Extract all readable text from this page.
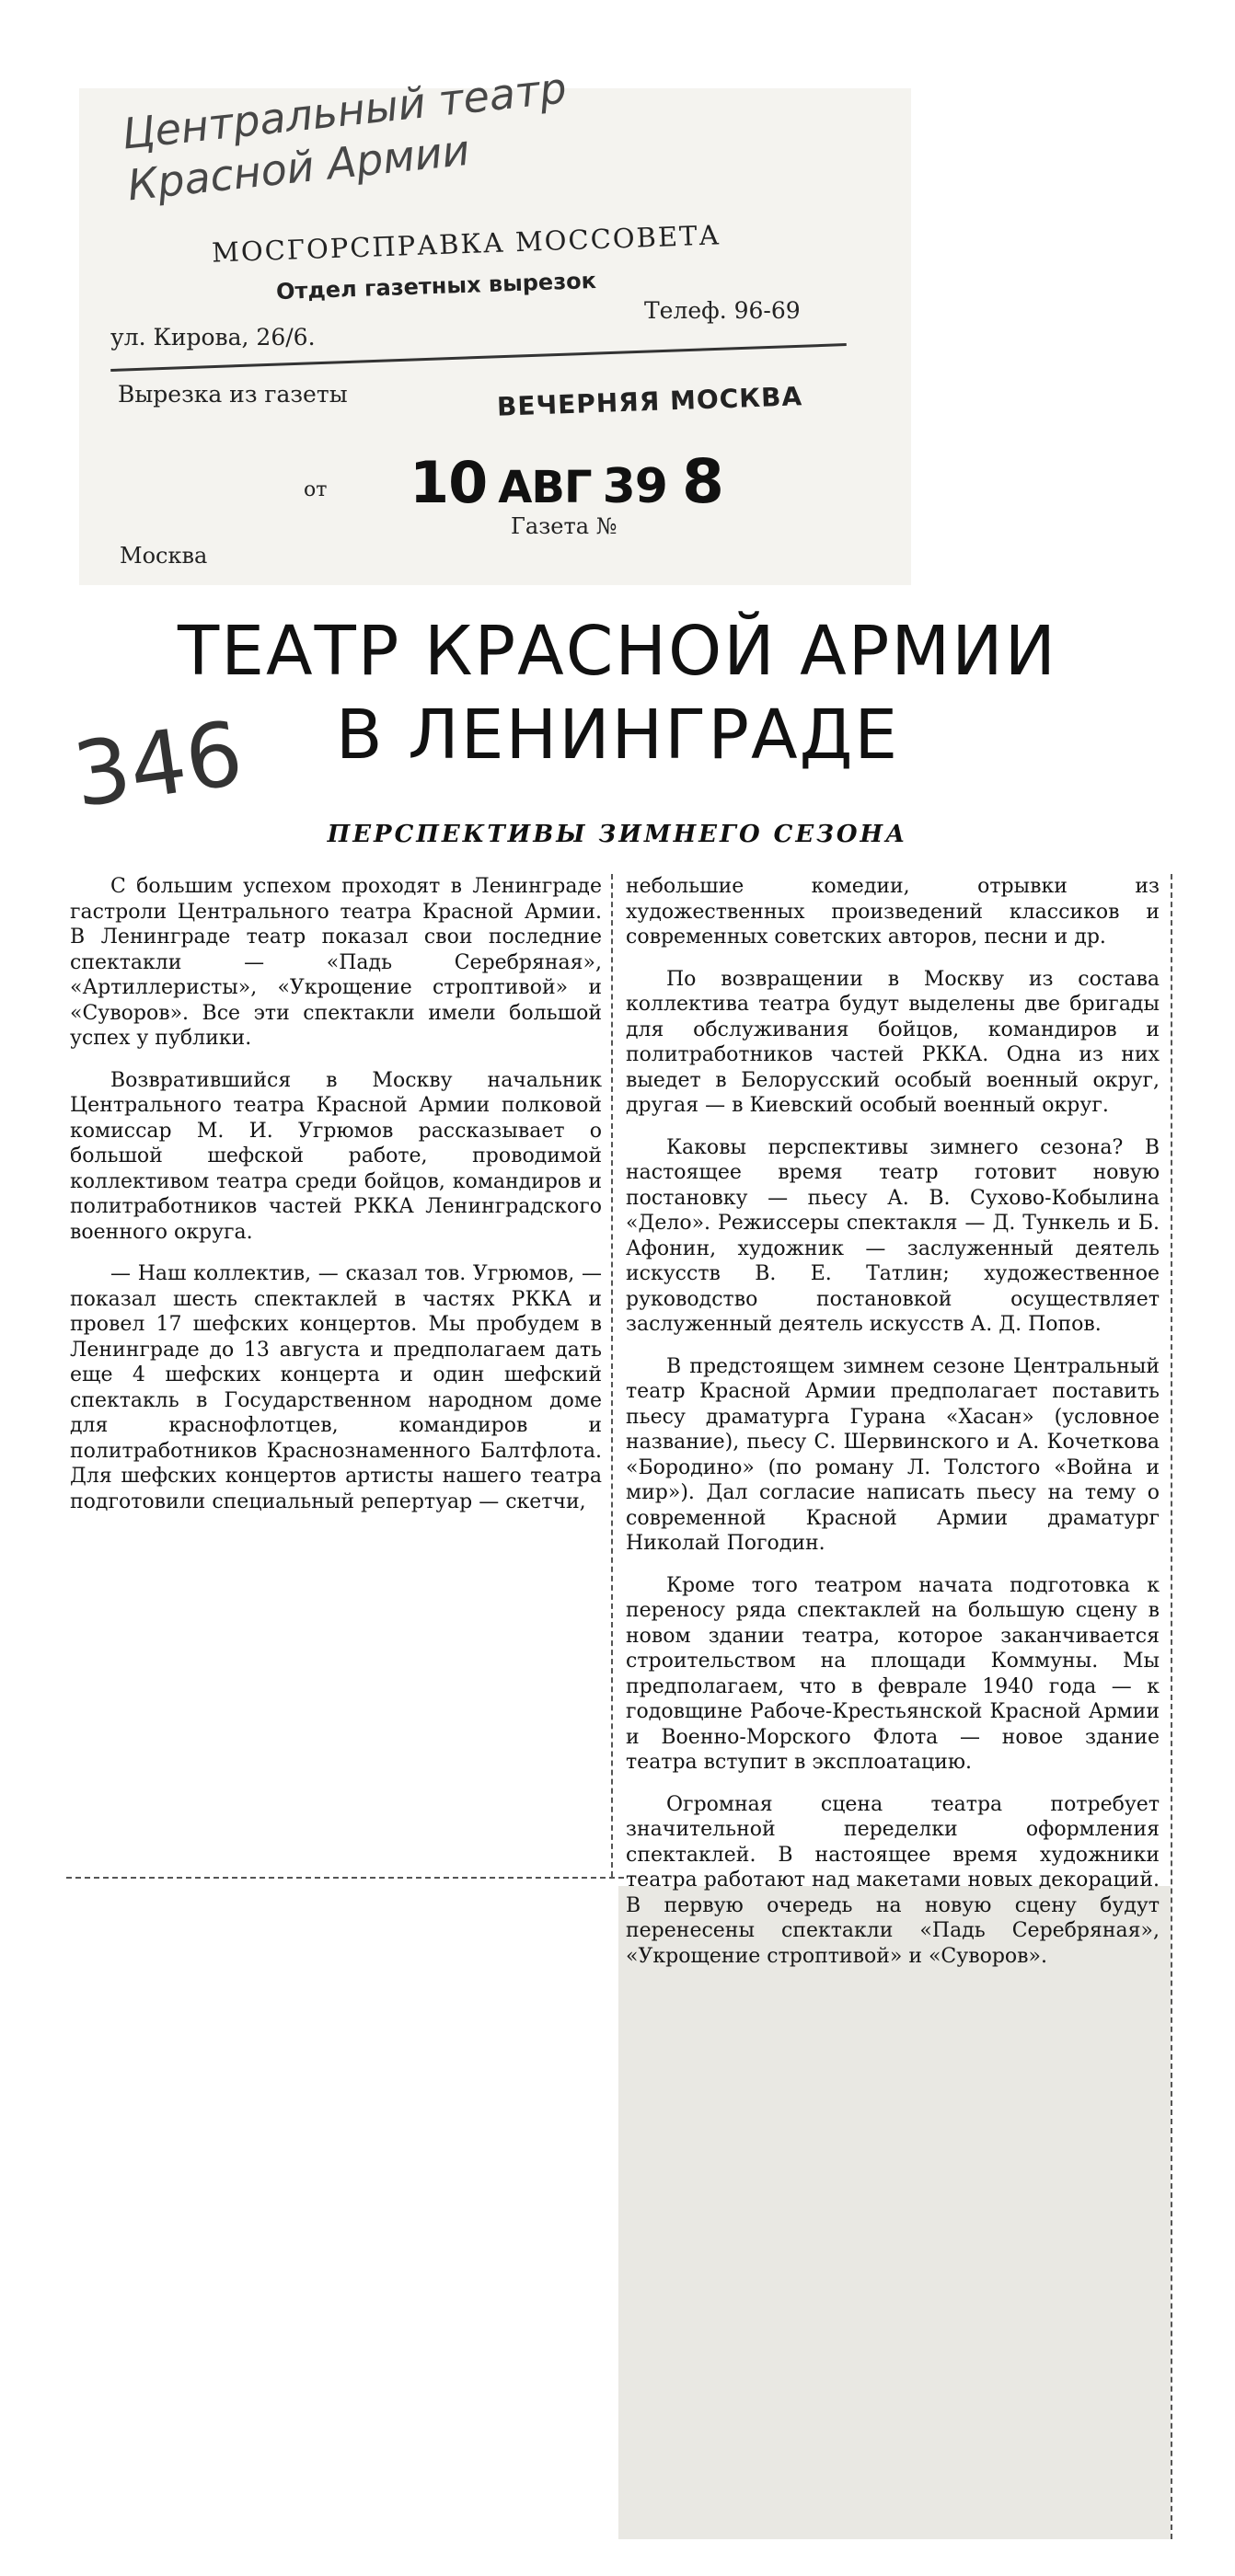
Центральный театр Красной Армии
МОСГОРСПРАВКА МОССОВЕТА
Отдел газетных вырезок
ул. Кирова, 26/6.
Телеф. 96-69
Вырезка из газеты	ВЕЧЕРНЯЯ МОСКВА
от 10 АВГ 39 8
Газета №
Москва
ТЕАТР КРАСНОЙ АРМИИ
В ЛЕНИНГРАДЕ
346
ПЕРСПЕКТИВЫ ЗИМНЕГО СЕЗОНА

С большим успехом проходят в Ленинграде гастроли Центрального театра Красной Армии. В Ленинграде театр показал свои последние спектакли — «Падь Серебряная», «Артиллеристы», «Укрощение строптивой» и «Суворов». Все эти спектакли имели большой успех у публики.

Возвратившийся в Москву начальник Центрального театра Красной Армии полковой комиссар М. И. Угрюмов рассказывает о большой шефской работе, проводимой коллективом театра среди бойцов, командиров и политработников частей РККА Ленинградского военного округа.

— Наш коллектив, — сказал тов. Угрюмов, — показал шесть спектаклей в частях РККА и провел 17 шефских концертов. Мы пробудем в Ленинграде до 13 августа и предполагаем дать еще 4 шефских концерта и один шефский спектакль в Государственном народном доме для краснофлотцев, командиров и политработников Краснознаменного Балтфлота. Для шефских концертов артисты нашего театра подготовили специальный репертуар — скетчи,

небольшие комедии, отрывки из художественных произведений классиков и современных советских авторов, песни и др.

По возвращении в Москву из состава коллектива театра будут выделены две бригады для обслуживания бойцов, командиров и политработников частей РККА. Одна из них выедет в Белорусский особый военный округ, другая — в Киевский особый военный округ.

Каковы перспективы зимнего сезона? В настоящее время театр готовит новую постановку — пьесу А. В. Сухово-Кобылина «Дело». Режиссеры спектакля — Д. Тункель и Б. Афонин, художник — заслуженный деятель искусств В. Е. Татлин; художественное руководство постановкой осуществляет заслуженный деятель искусств А. Д. Попов.

В предстоящем зимнем сезоне Центральный театр Красной Армии предполагает поставить пьесу драматурга Гурана «Хасан» (условное название), пьесу С. Шервинского и А. Кочеткова «Бородино» (по роману Л. Толстого «Война и мир»). Дал согласие написать пьесу на тему о современной Красной Армии драматург Николай Погодин.

Кроме того театром начата подготовка к переносу ряда спектаклей на большую сцену в новом здании театра, которое заканчивается строительством на площади Коммуны. Мы предполагаем, что в феврале 1940 года — к годовщине Рабоче-Крестьянской Красной Армии и Военно-Морского Флота — новое здание театра вступит в эксплоатацию.

Огромная сцена театра потребует значительной переделки оформления спектаклей. В настоящее время художники театра работают над макетами новых декораций. В первую очередь на новую сцену будут перенесены спектакли «Падь Серебряная», «Укрощение строптивой» и «Суворов».
